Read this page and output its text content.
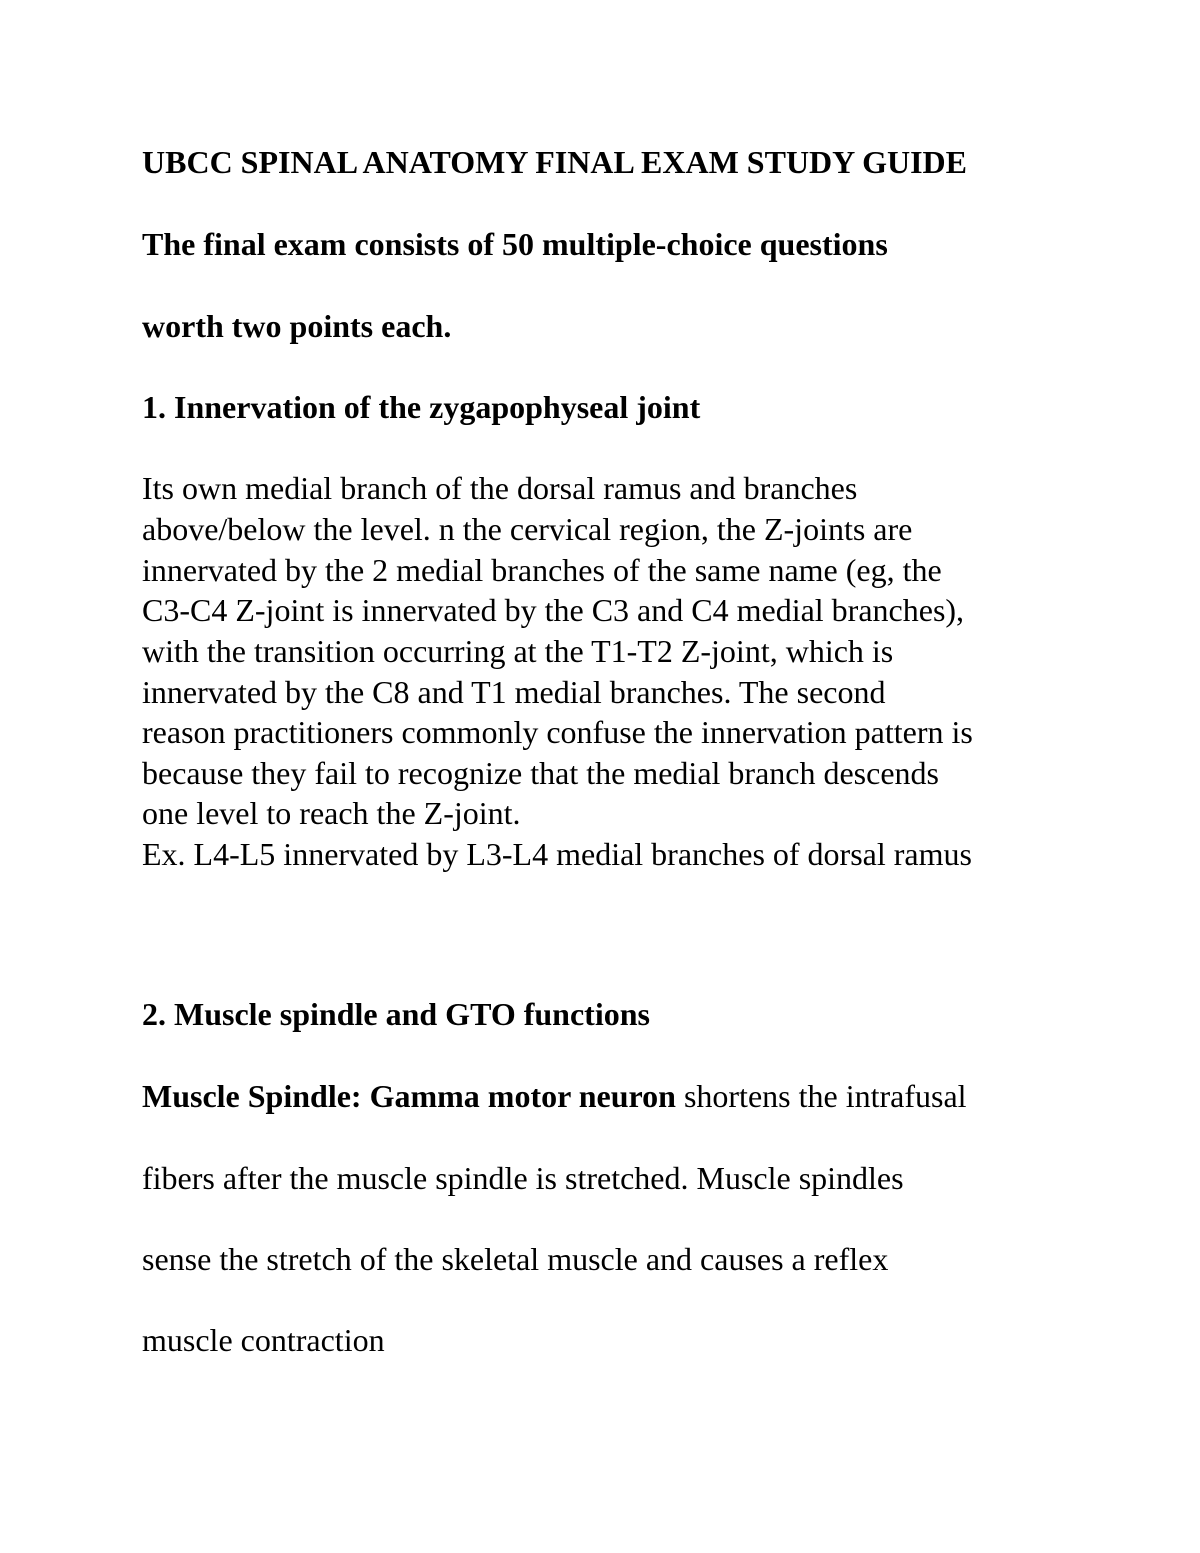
UBCC SPINAL ANATOMY FINAL EXAM STUDY GUIDE
The final exam consists of 50 multiple-choice questions
worth two points each.
1. Innervation of the zygapophyseal joint
Its own medial branch of the dorsal ramus and branches
above/below the level. n the cervical region, the Z-joints are
innervated by the 2 medial branches of the same name (eg, the
C3-C4 Z-joint is innervated by the C3 and C4 medial branches),
with the transition occurring at the T1-T2 Z-joint, which is
innervated by the C8 and T1 medial branches. The second
reason practitioners commonly confuse the innervation pattern is
because they fail to recognize that the medial branch descends
one level to reach the Z-joint.
Ex. L4-L5 innervated by L3-L4 medial branches of dorsal ramus
2. Muscle spindle and GTO functions
Muscle Spindle: Gamma motor neuron shortens the intrafusal
fibers after the muscle spindle is stretched. Muscle spindles
sense the stretch of the skeletal muscle and causes a reflex
muscle contraction
